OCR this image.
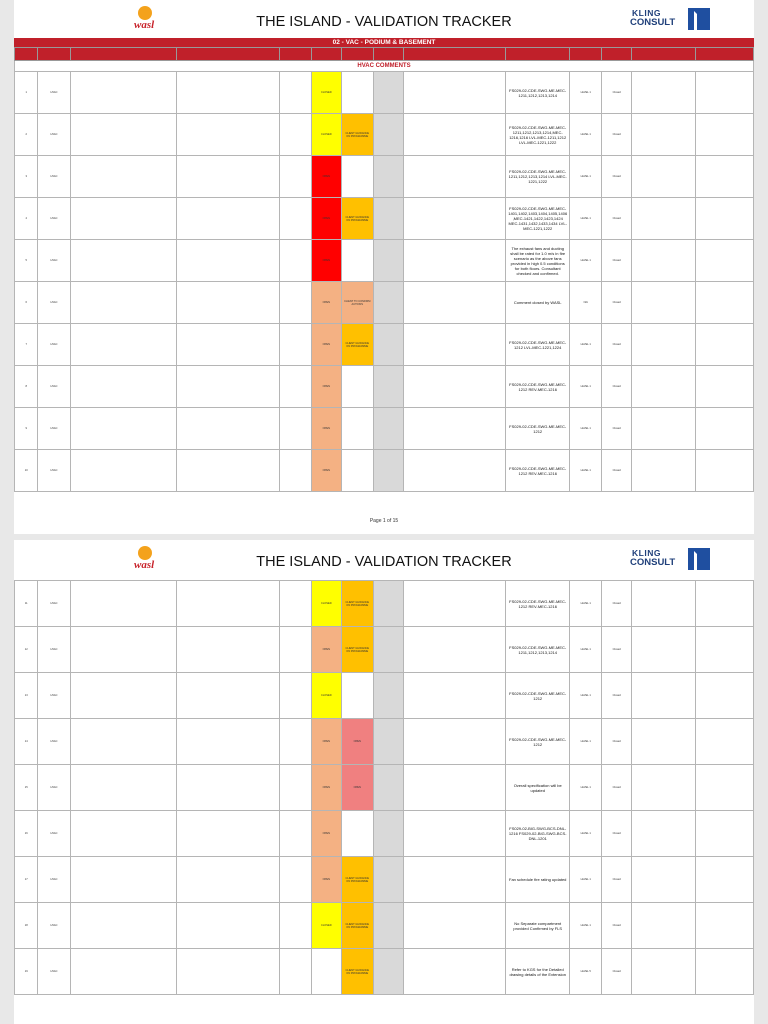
wasl	THE ISLAND - VALIDATION TRACKER
KLING
CONSULT
02 - VAC - PODIUM & BASEMENT

HVAC COMMENTS													
1	HVAC				CLOSED				FS029-02-CDE-SWG-ME-MEC-1211,1212,1213,1214	LEVEL 1	Closed		
2	HVAC				CLOSED	CLIENT GUIDANCE ON PROGRAMME			FS029-02-CDE-SWG-ME-MEC-1211,1212,1213,1214,MEC-1216,1216 LVL-MEC-1211,1212 LVL-MEC-1221,1222	LEVEL 1	Closed		
3	HVAC				OPEN				FS029-02-CDE-SWG-ME-MEC-1211,1212,1213,1214 LVL-MEC-1221,1222	LEVEL 1	Closed		
4	HVAC				OPEN	CLIENT GUIDANCE ON PROGRAMME			FS029-02-CDE-SWG-ME-MEC-1401,1402,1403,1404,1405,1406,MEC-1421,1422,1423,1424 MEC-1431,1432,1433,1434 LVL-MEC-1221,1222	LEVEL 1	Closed		
5	HVAC				OPEN				The exhaust fans and ducting shall be rated for 1.0 m/s in fire scenario as the above fans provided in high 0.5 conditions for both floors. Consultant checked and confirmed.	LEVEL 1	Closed		
6	HVAC				OPEN	CLIENT TO CONFIRM ACTIONS			Comment closed by WASL	N/A	Closed		
7	HVAC				OPEN	CLIENT GUIDANCE ON PROGRAMME			FS029-02-CDE-SWG-ME-MEC-1212 LVL-MEC-1221,1224	LEVEL 1	Closed		
8	HVAC				OPEN				FS029-02-CDE-SWG-ME-MEC-1212 REV-MEC-1216	LEVEL 1	Closed		
9	HVAC				OPEN				FS029-02-CDE-SWG-ME-MEC-1212	LEVEL 1	Closed		
10	HVAC				OPEN				FS029-02-CDE-SWG-ME-MEC-1212 REV-MEC-1216	LEVEL 1	Closed		
Page 1 of 15
wasl	THE ISLAND - VALIDATION TRACKER
KLING
CONSULT
11	HVAC				CLOSED	CLIENT GUIDANCE ON PROGRAMME			FS029-02-CDE-SWG-ME-MEC-1212 REV-MEC-1216	LEVEL 1	Closed		
12	HVAC				OPEN	CLIENT GUIDANCE ON PROGRAMME			FS029-02-CDE-SWG-ME-MEC-1211,1212,1213,1214	LEVEL 1	Closed		
13	HVAC				CLOSED				FS029-02-CDE-SWG-ME-MEC-1212	LEVEL 1	Closed		
14	HVAC				OPEN	OPEN			FS029-02-CDE-SWG-ME-MEC-1212	LEVEL 1	Closed		
15	HVAC				OPEN	OPEN			Overall specification will be updated	LEVEL 1	Closed		
16	HVAC				OPEN				FS029-02-BIG-SWG-BCS-DNL-1216 FS029-02-BIG-SWG-BCS-DNL-1201	LEVEL 1	Closed		
17	HVAC				OPEN	CLIENT GUIDANCE ON PROGRAMME			Fan schedule fire rating updated	LEVEL 1	Closed		
18	HVAC				CLOSED	CLIENT GUIDANCE ON PROGRAMME			No Separate compartment provided Confirmed by FLS	LEVEL 1	Closed		
19	HVAC					CLIENT GUIDANCE ON PROGRAMME			Refer to KGS for the Detailed drawing details of the Extension	LEVEL 5	Closed		
